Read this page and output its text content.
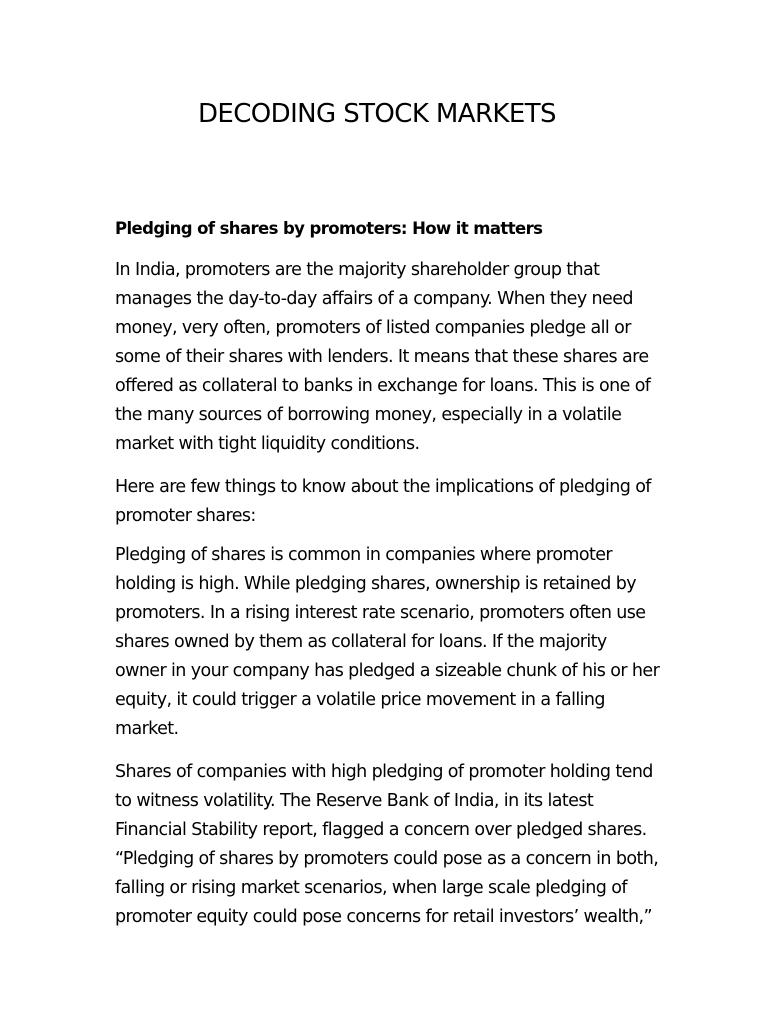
DECODING STOCK MARKETS
Pledging of shares by promoters: How it matters
In India, promoters are the majority shareholder group that
manages the day-to-day affairs of a company. When they need
money, very often, promoters of listed companies pledge all or
some of their shares with lenders. It means that these shares are
offered as collateral to banks in exchange for loans. This is one of
the many sources of borrowing money, especially in a volatile
market with tight liquidity conditions.
Here are few things to know about the implications of pledging of
promoter shares:
Pledging of shares is common in companies where promoter
holding is high. While pledging shares, ownership is retained by
promoters. In a rising interest rate scenario, promoters often use
shares owned by them as collateral for loans. If the majority
owner in your company has pledged a sizeable chunk of his or her
equity, it could trigger a volatile price movement in a falling
market.
Shares of companies with high pledging of promoter holding tend
to witness volatility. The Reserve Bank of India, in its latest
Financial Stability report, flagged a concern over pledged shares.
“Pledging of shares by promoters could pose as a concern in both,
falling or rising market scenarios, when large scale pledging of
promoter equity could pose concerns for retail investors’ wealth,”
